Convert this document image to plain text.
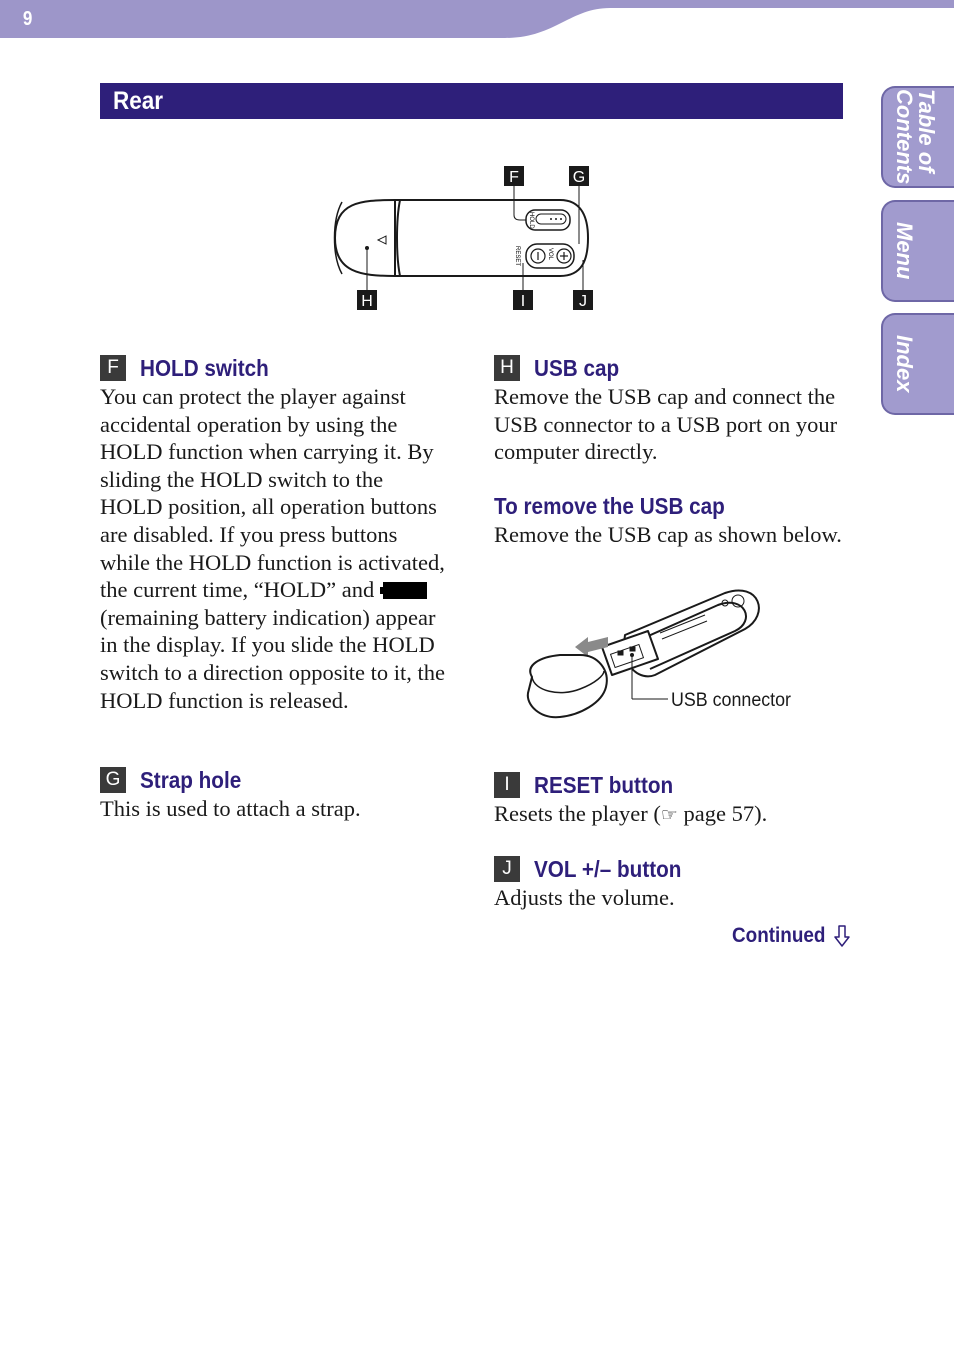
9
Table of
Contents
Menu
Index
Rear
HOLD
VOL
RESET
F	G
H	I	J
F HOLD switch

You can protect the player against accidental operation by using the HOLD function when carrying it. By sliding the HOLD switch to the HOLD position, all operation buttons are disabled. If you press buttons while the HOLD function is activated, the current time, “HOLD” and  (remaining battery indication) appear in the display. If you slide the HOLD switch to a direction opposite to it, the HOLD function is released.

G Strap hole

This is used to attach a strap.

H USB cap

Remove the USB cap and connect the USB connector to a USB port on your computer directly.

To remove the USB cap

Remove the USB cap as shown below.

USB connector
I	RESET button

Resets the player (☞ page 57).

J VOL +/– button

Adjusts the volume.

Continued
